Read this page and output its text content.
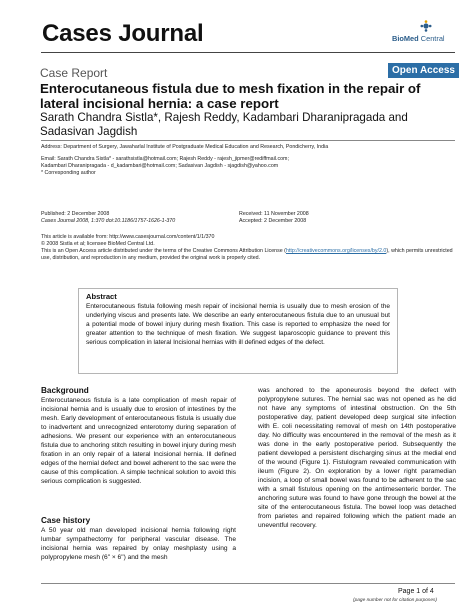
Cases Journal	BioMed Central
Case Report	Open Access
Enterocutaneous fistula due to mesh fixation in the repair of lateral incisional hernia: a case report
Sarath Chandra Sistla*, Rajesh Reddy, Kadambari Dharanipragada and Sadasivan Jagdish
Address: Department of Surgery, Jawaharlal Institute of Postgraduate Medical Education and Research, Pondicherry, India
Email: Sarath Chandra Sistla* - sarathsistla@hotmail.com; Rajesh Reddy - rajesh_jipmer@rediffmail.com;
Kadambari Dharanipragada - d_kadambari@hotmail.com; Sadasivan Jagdish - sjagdish@yahoo.com
* Corresponding author
Published: 2 December 2008
Cases Journal 2008, 1:370 doi:10.1186/1757-1626-1-370
Received: 11 November 2008
Accepted: 2 December 2008
This article is available from: http://www.casesjournal.com/content/1/1/370
© 2008 Sistla et al; licensee BioMed Central Ltd.
This is an Open Access article distributed under the terms of the Creative Commons Attribution License (http://creativecommons.org/licenses/by/2.0), which permits unrestricted use, distribution, and reproduction in any medium, provided the original work is properly cited.
Abstract
Enterocutaneous fistula following mesh repair of incisional hernia is usually due to mesh erosion of the underlying viscus and presents late. We describe an early enterocutaneous fistula due to an unusual but a potential mode of bowel injury during mesh fixation. This case is reported to emphasize the need for greater attention to the technique of mesh fixation. We suggest laparoscopic guidance to prevent this serious complication in lateral Incisional hernias with ill defined edges of the defect.
Background
Enterocutaneous fistula is a late complication of mesh repair of incisional hernia and is usually due to erosion of intestines by the mesh. Early development of enterocutaneous fistula is usually due to inadvertent and unrecognized enterotomy during separation of adhesions. We present our experience with an enterocutaneous fistula due to anchoring stitch resulting in bowel injury during mesh fixation in an only repair of a lateral Incisional hernia. Ill defined edges of the hernial defect and bowel adherent to the sac were the cause of this complication. A simple technical solution to avoid this serious complication is suggested.
Case history
A 50 year old man developed incisional hernia following right lumbar sympathectomy for peripheral vascular disease. The incisional hernia was repaired by onlay meshplasty using a polypropylene mesh (6" × 6") and the mesh
was anchored to the aponeurosis beyond the defect with polypropylene sutures. The hernial sac was not opened as he did not have any symptoms of intestinal obstruction. On the 5th postoperative day, patient developed deep surgical site infection with E. coli necessitating removal of mesh on 14th postoperative day. No difficulty was encountered in the removal of the mesh as it was done in the early postoperative period. Subsequently the patient developed a persistent discharging sinus at the medial end of the wound (Figure 1). Fistulogram revealed communication with ileum (Figure 2). On exploration by a lower right paramedian incision, a loop of small bowel was found to be adherent to the sac with a small fistulous opening on the antimesenteric border. The anchoring suture was found to have gone through the bowel at the site of the enterocutaneous fistula. The bowel loop was detached from parietes and repaired following which the patient made an uneventful recovery.
Page 1 of 4
(page number not for citation purposes)
